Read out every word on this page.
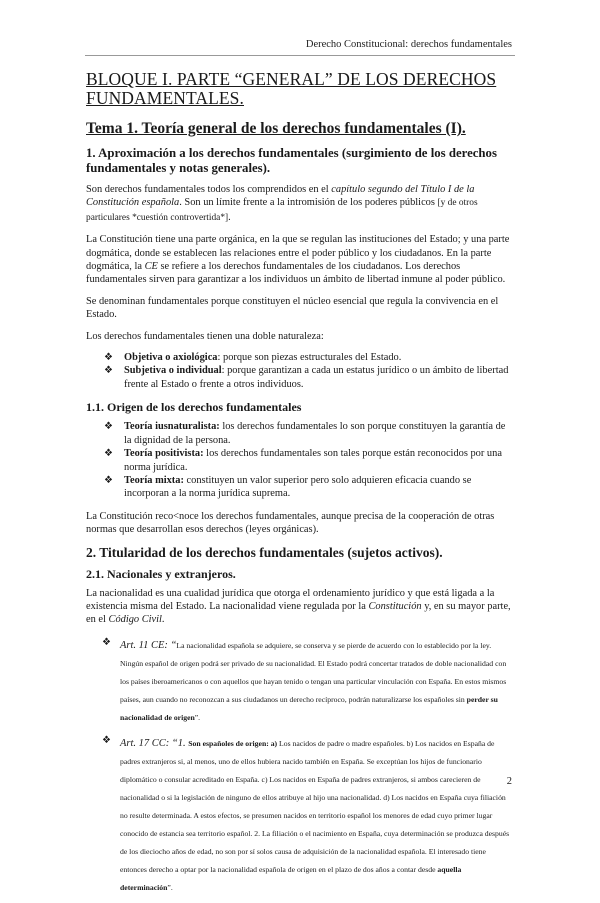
Derecho Constitucional: derechos fundamentales
BLOQUE I. PARTE “GENERAL” DE LOS DERECHOS FUNDAMENTALES.
Tema 1. Teoría general de los derechos fundamentales (I).
1. Aproximación a los derechos fundamentales (surgimiento de los derechos fundamentales y notas generales).

Son derechos fundamentales todos los comprendidos en el capítulo segundo del Título I de la Constitución española. Son un límite frente a la intromisión de los poderes públicos [y de otros particulares *cuestión controvertida*].

La Constitución tiene una parte orgánica, en la que se regulan las instituciones del Estado; y una parte dogmática, donde se establecen las relaciones entre el poder público y los ciudadanos. En la parte dogmática, la CE se refiere a los derechos fundamentales de los ciudadanos. Los derechos fundamentales sirven para garantizar a los individuos un ámbito de libertad inmune al poder público.

Se denominan fundamentales porque constituyen el núcleo esencial que regula la convivencia en el Estado.

Los derechos fundamentales tienen una doble naturaleza:

❖ Objetiva o axiológica: porque son piezas estructurales del Estado.
❖ Subjetiva o individual: porque garantizan a cada un estatus jurídico o un ámbito de libertad frente al Estado o frente a otros individuos.
1.1. Origen de los derechos fundamentales
❖ Teoría iusnaturalista: los derechos fundamentales lo son porque constituyen la garantía de la dignidad de la persona.
❖ Teoría positivista: los derechos fundamentales son tales porque están reconocidos por una norma jurídica.
❖ Teoría mixta: constituyen un valor superior pero solo adquieren eficacia cuando se incorporan a la norma jurídica suprema.

La Constitución reco<noce los derechos fundamentales, aunque precisa de la cooperación de otras normas que desarrollan esos derechos (leyes orgánicas).

2. Titularidad de los derechos fundamentales (sujetos activos).
2.1. Nacionales y extranjeros.

La nacionalidad es una cualidad jurídica que otorga el ordenamiento jurídico y que está ligada a la existencia misma del Estado. La nacionalidad viene regulada por la Constitución y, en su mayor parte, en el Código Civil.

❖ Art. 11 CE: “La nacionalidad española se adquiere, se conserva y se pierde de acuerdo con lo establecido por la ley. Ningún español de origen podrá ser privado de su nacionalidad. El Estado podrá concertar tratados de doble nacionalidad con los países iberoamericanos o con aquellos que hayan tenido o tengan una particular vinculación con España. En estos mismos países, aun cuando no reconozcan a sus ciudadanos un derecho recíproco, podrán naturalizarse los españoles sin perder su nacionalidad de origen”.
❖ Art. 17 CC: “1. Son españoles de origen: a) Los nacidos de padre o madre españoles. b) Los nacidos en España de padres extranjeros si, al menos, uno de ellos hubiera nacido también en España. Se exceptúan los hijos de funcionario diplomático o consular acreditado en España. c) Los nacidos en España de padres extranjeros, si ambos carecieren de nacionalidad o si la legislación de ninguno de ellos atribuye al hijo una nacionalidad. d) Los nacidos en España cuya filiación no resulte determinada. A estos efectos, se presumen nacidos en territorio español los menores de edad cuyo primer lugar conocido de estancia sea territorio español. 2. La filiación o el nacimiento en España, cuya determinación se produzca después de los dieciocho años de edad, no son por sí solos causa de adquisición de la nacionalidad española. El interesado tiene entonces derecho a optar por la nacionalidad española de origen en el plazo de dos años a contar desde aquella determinación”.
2
